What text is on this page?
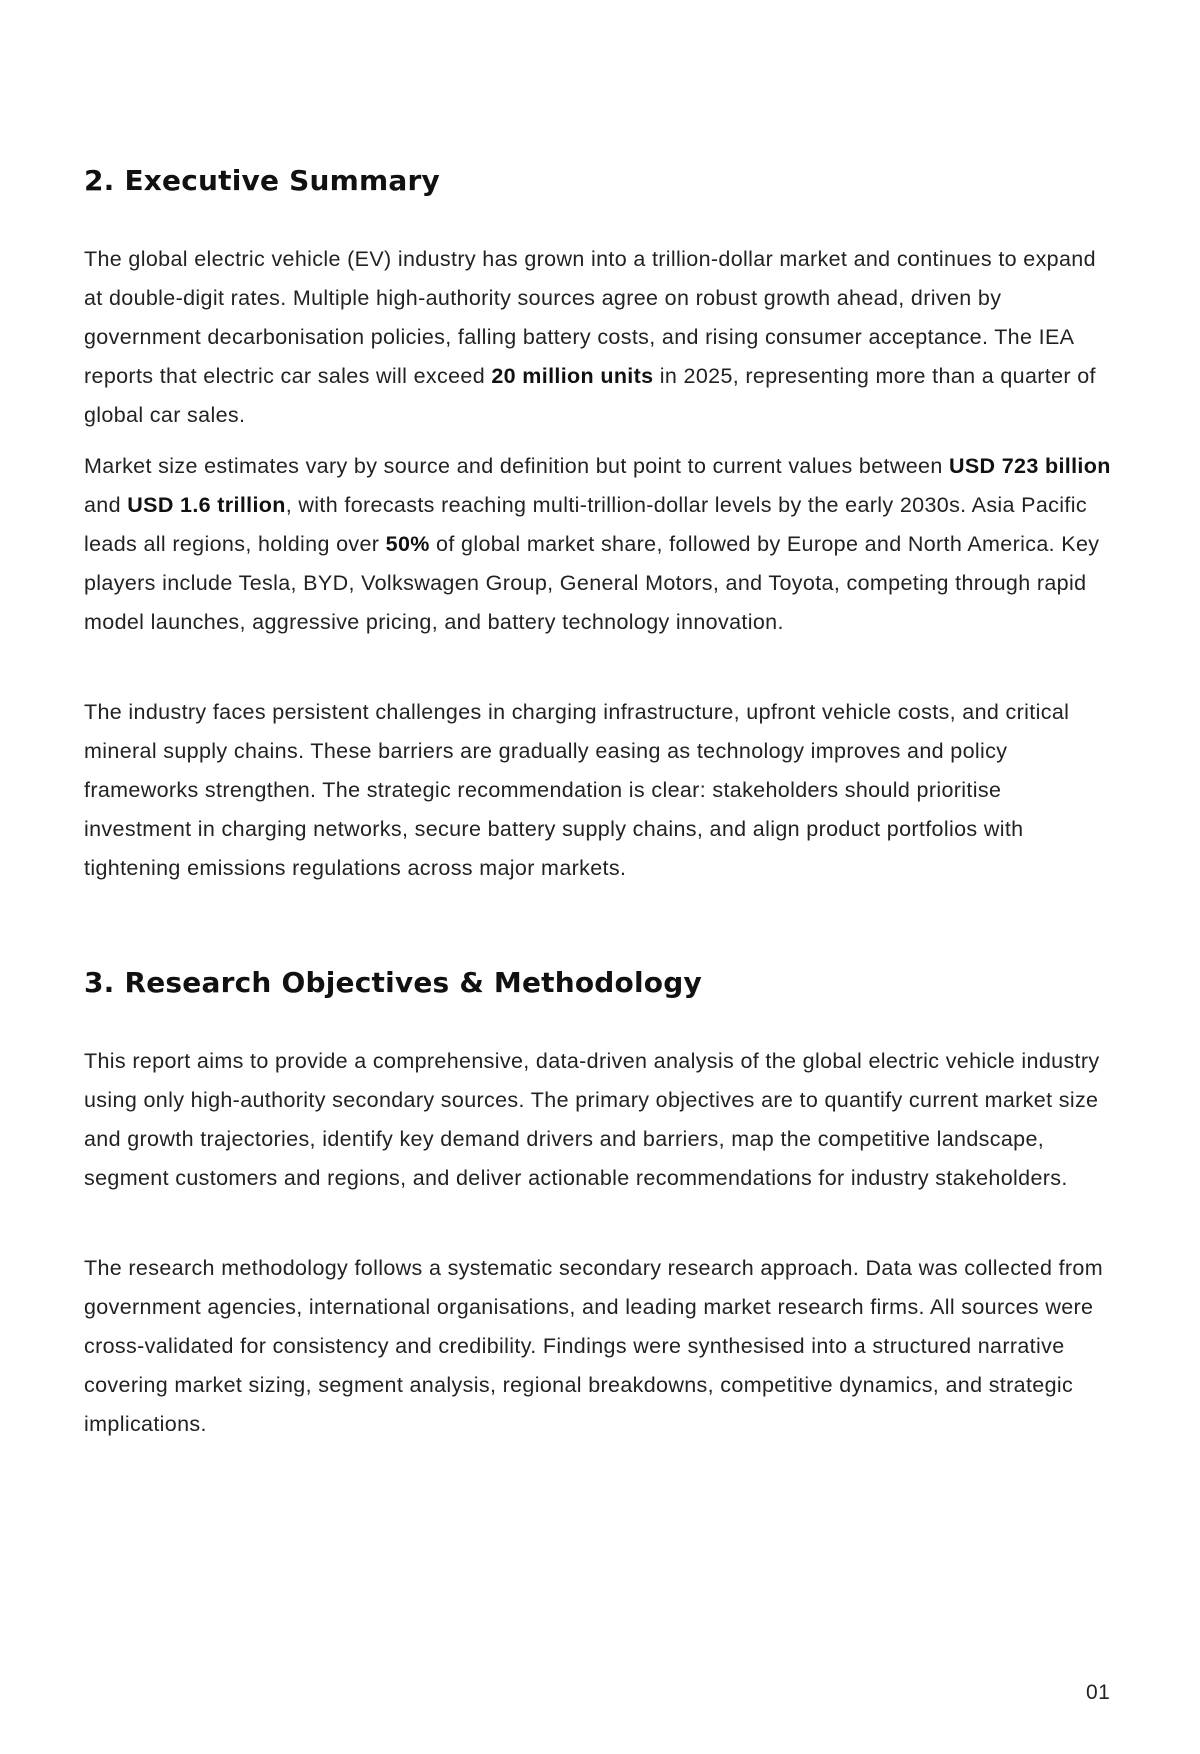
2. Executive Summary

The global electric vehicle (EV) industry has grown into a trillion-dollar market and continues to expand at double-digit rates. Multiple high-authority sources agree on robust growth ahead, driven by government decarbonisation policies, falling battery costs, and rising consumer acceptance. The IEA reports that electric car sales will exceed 20 million units in 2025, representing more than a quarter of global car sales.

Market size estimates vary by source and definition but point to current values between USD 723 billion and USD 1.6 trillion, with forecasts reaching multi-trillion-dollar levels by the early 2030s. Asia Pacific leads all regions, holding over 50% of global market share, followed by Europe and North America. Key players include Tesla, BYD, Volkswagen Group, General Motors, and Toyota, competing through rapid model launches, aggressive pricing, and battery technology innovation.

The industry faces persistent challenges in charging infrastructure, upfront vehicle costs, and critical mineral supply chains. These barriers are gradually easing as technology improves and policy frameworks strengthen. The strategic recommendation is clear: stakeholders should prioritise investment in charging networks, secure battery supply chains, and align product portfolios with tightening emissions regulations across major markets.

3. Research Objectives & Methodology

This report aims to provide a comprehensive, data-driven analysis of the global electric vehicle industry using only high-authority secondary sources. The primary objectives are to quantify current market size and growth trajectories, identify key demand drivers and barriers, map the competitive landscape, segment customers and regions, and deliver actionable recommendations for industry stakeholders.

The research methodology follows a systematic secondary research approach. Data was collected from government agencies, international organisations, and leading market research firms. All sources were cross-validated for consistency and credibility. Findings were synthesised into a structured narrative covering market sizing, segment analysis, regional breakdowns, competitive dynamics, and strategic implications.

01
